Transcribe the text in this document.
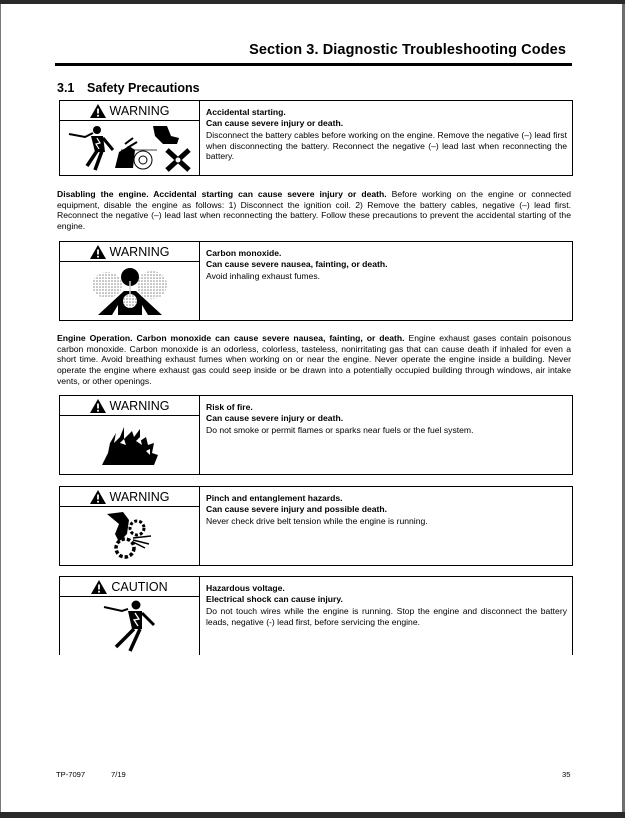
Section 3. Diagnostic Troubleshooting Codes
3.1 Safety Precautions
WARNING	Accidental starting.
Can cause severe injury or death.
Disconnect the battery cables before working on the engine. Remove the negative (–) lead first when disconnecting the battery. Reconnect the negative (–) lead last when reconnecting the battery.
Disabling the engine. Accidental starting can cause severe injury or death. Before working on the engine or connected equipment, disable the engine as follows: 1) Disconnect the ignition coil. 2) Remove the battery cables, negative (–) lead first. Reconnect the negative (–) lead last when reconnecting the battery. Follow these precautions to prevent the accidental starting of the engine.
WARNING	Carbon monoxide.
Can cause severe nausea, fainting, or death.
Avoid inhaling exhaust fumes.
Engine Operation. Carbon monoxide can cause severe nausea, fainting, or death. Engine exhaust gases contain poisonous carbon monoxide. Carbon monoxide is an odorless, colorless, tasteless, nonirritating gas that can cause death if inhaled for even a short time. Avoid breathing exhaust fumes when working on or near the engine. Never operate the engine inside a building. Never operate the engine where exhaust gas could seep inside or be drawn into a potentially occupied building through windows, air intake vents, or other openings.
WARNING	Risk of fire.
Can cause severe injury or death.
Do not smoke or permit flames or sparks near fuels or the fuel system.
WARNING	Pinch and entanglement hazards.
Can cause severe injury and possible death.
Never check drive belt tension while the engine is running.
CAUTION	Hazardous voltage.
Electrical shock can cause injury.
Do not touch wires while the engine is running. Stop the engine and disconnect the battery leads, negative (-) lead first, before servicing the engine.
TP-7097	7/19	35
